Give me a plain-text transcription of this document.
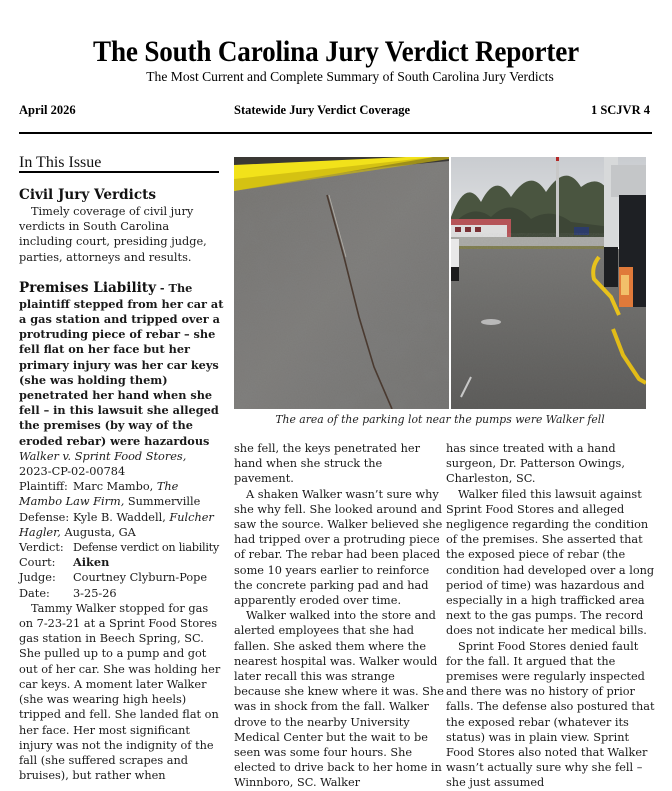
The South Carolina Jury Verdict Reporter
The Most Current and Complete Summary of South Carolina Jury Verdicts
April 2026	Statewide Jury Verdict Coverage	1 SCJVR 4
In This Issue
Civil Jury Verdicts

Timely coverage of civil jury verdicts in South Carolina including court, presiding judge, parties, attorneys and results.

Premises Liability - The plaintiff stepped from her car at a gas station and tripped over a protruding piece of rebar – she fell flat on her face but her primary injury was her car keys (she was holding them) penetrated her hand when she fell – in this lawsuit she alleged the premises (by way of the eroded rebar) were hazardous
Walker v. Sprint Food Stores,
2023-CP-02-00784
Plaintiff: Marc Mambo, The Mambo Law Firm, Summerville
Defense: Kyle B. Waddell, Fulcher Hagler, Augusta, GA
Verdict: Defense verdict on liability
Court:	Aiken
Judge:	Courtney Clyburn-Pope
Date:	3-25-26

Tammy Walker stopped for gas on 7-23-21 at a Sprint Food Stores gas station in Beech Spring, SC. She pulled up to a pump and got out of her car. She was holding her car keys. A moment later Walker (she was wearing high heels) tripped and fell. She landed flat on her face. Her most significant injury was not the indignity of the fall (she suffered scrapes and bruises), but rather when

The area of the parking lot near the pumps were Walker fell

she fell, the keys penetrated her hand when she struck the pavement.

A shaken Walker wasn’t sure why she why fell. She looked around and saw the source. Walker believed she had tripped over a protruding piece of rebar. The rebar had been placed some 10 years earlier to reinforce the concrete parking pad and had apparently eroded over time.

Walker walked into the store and alerted employees that she had fallen. She asked them where the nearest hospital was. Walker would later recall this was strange because she knew where it was. She was in shock from the fall. Walker drove to the nearby University Medical Center but the wait to be seen was some four hours. She elected to drive back to her home in Winnboro, SC. Walker

has since treated with a hand surgeon, Dr. Patterson Owings, Charleston, SC.

Walker filed this lawsuit against Sprint Food Stores and alleged negligence regarding the condition of the premises. She asserted that the exposed piece of rebar (the condition had developed over a long period of time) was hazardous and especially in a high trafficked area next to the gas pumps. The record does not indicate her medical bills.

Sprint Food Stores denied fault for the fall. It argued that the premises were regularly inspected and there was no history of prior falls. The defense also postured that the exposed rebar (whatever its status) was in plain view. Sprint Food Stores also noted that Walker wasn’t actually sure why she fell – she just assumed
